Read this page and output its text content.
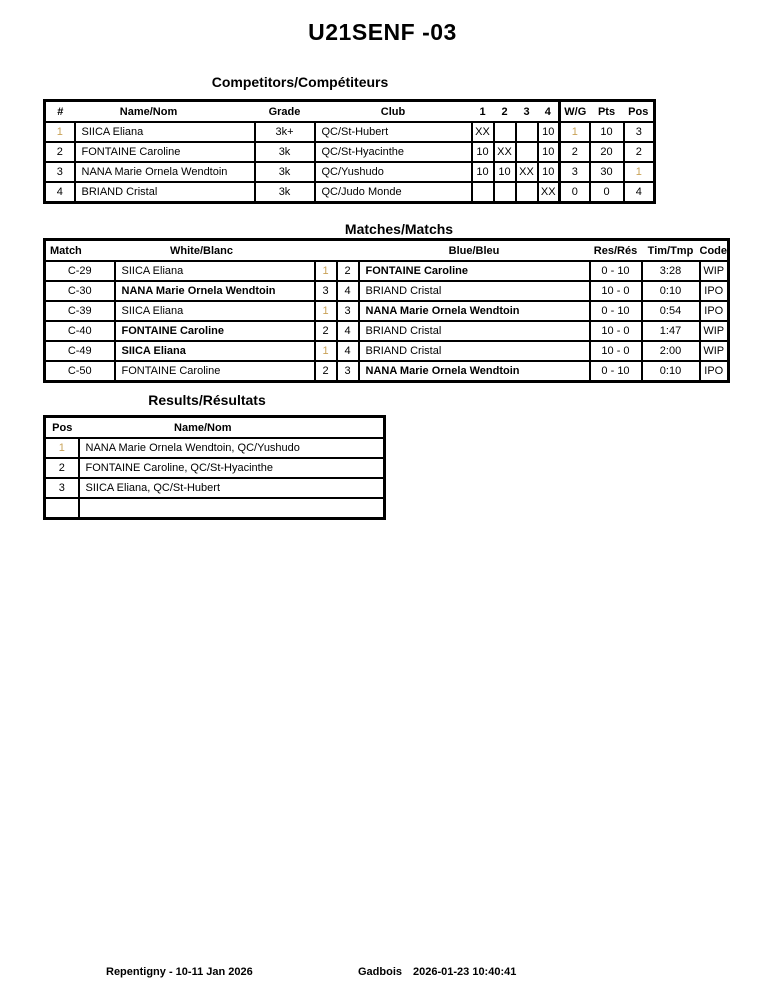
U21SENF -03
Competitors/Compétiteurs
#	Name/Nom	Grade	Club	1	2	3	4	W/G	Pts	Pos
1	SIICA Eliana	3k+	QC/St-Hubert	XX			10	1	10	3
2	FONTAINE Caroline	3k	QC/St-Hyacinthe	10	XX		10	2	20	2
3	NANA Marie Ornela Wendtoin	3k	QC/Yushudo	10	10	XX	10	3	30	1
4	BRIAND Cristal	3k	QC/Judo Monde				XX	0	0	4
Matches/Matchs
Match	White/Blanc			Blue/Bleu	Res/Rés	Tim/Tmp	Code
C-29	SIICA Eliana	1	2	FONTAINE Caroline	0 - 10	3:28	WIP
C-30	NANA Marie Ornela Wendtoin	3	4	BRIAND Cristal	10 - 0	0:10	IPO
C-39	SIICA Eliana	1	3	NANA Marie Ornela Wendtoin	0 - 10	0:54	IPO
C-40	FONTAINE Caroline	2	4	BRIAND Cristal	10 - 0	1:47	WIP
C-49	SIICA Eliana	1	4	BRIAND Cristal	10 - 0	2:00	WIP
C-50	FONTAINE Caroline	2	3	NANA Marie Ornela Wendtoin	0 - 10	0:10	IPO
Results/Résultats
Pos	Name/Nom
1	NANA Marie Ornela Wendtoin, QC/Yushudo
2	FONTAINE Caroline, QC/St-Hyacinthe
3	SIICA Eliana, QC/St-Hubert

Repentigny - 10-11 Jan 2026	Gadbois 2026-01-23 10:40:41
